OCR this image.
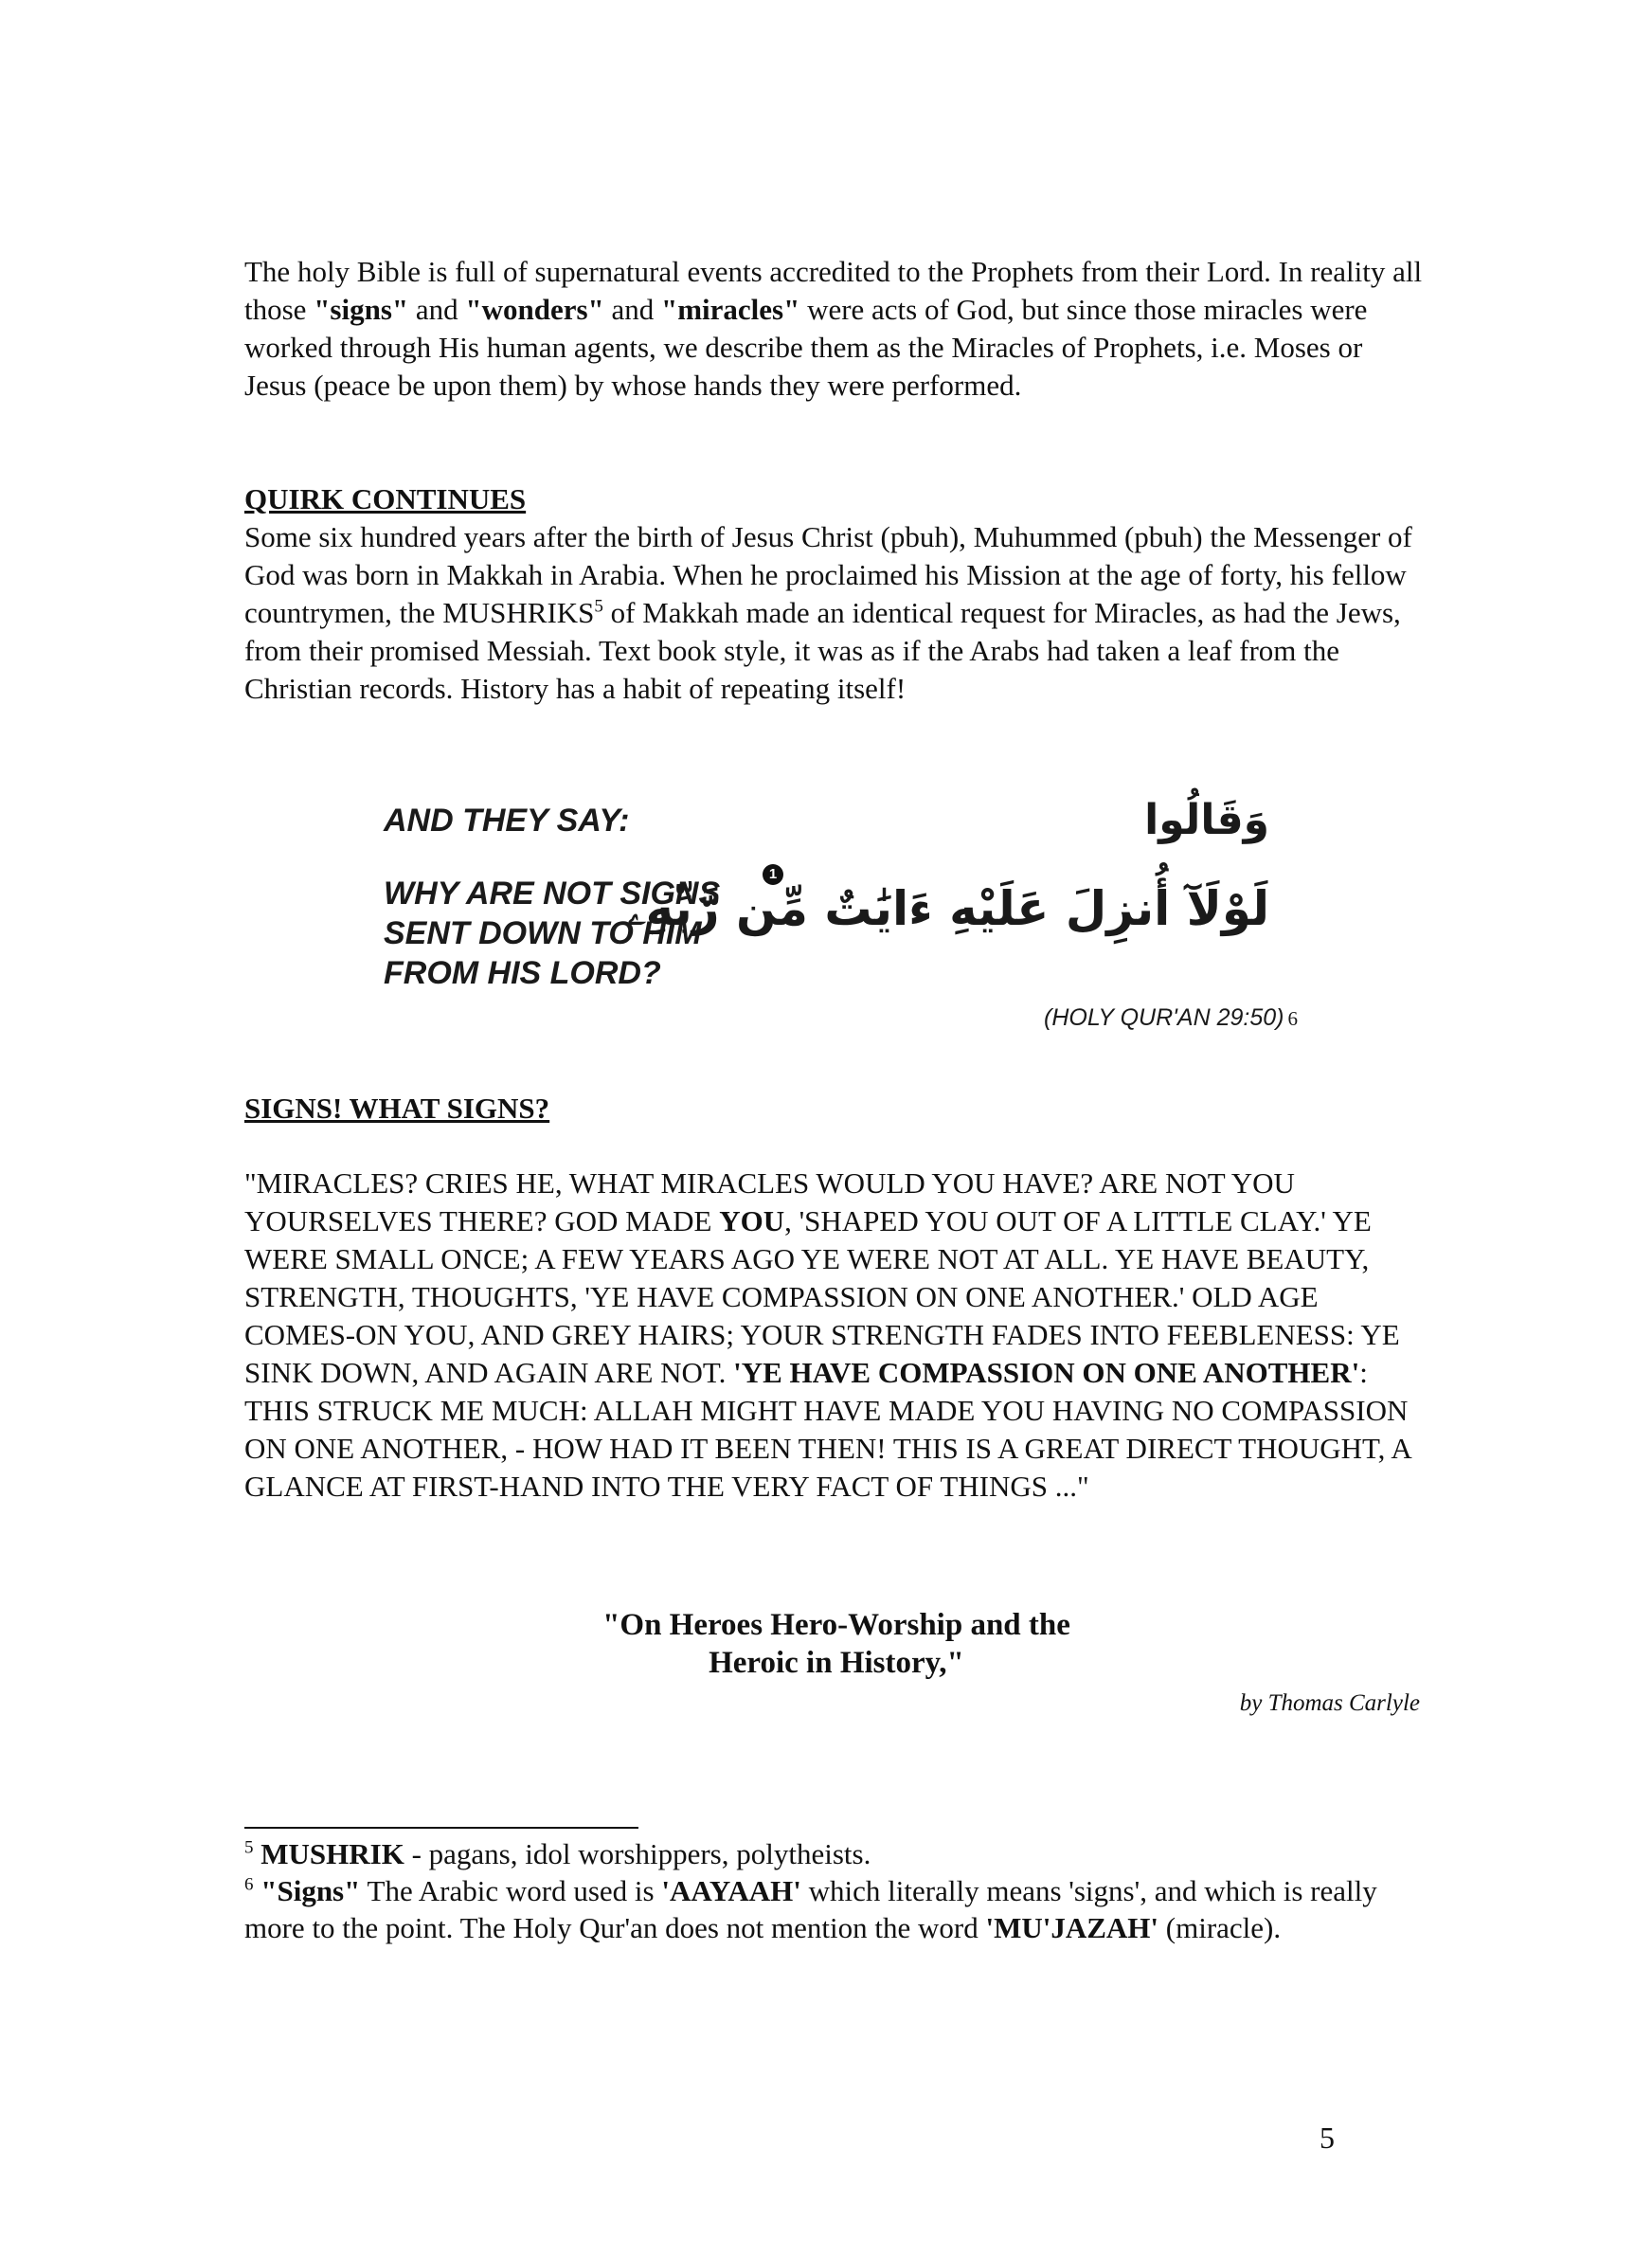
The holy Bible is full of supernatural events accredited to the Prophets from their Lord. In reality all those "signs" and "wonders" and "miracles" were acts of God, but since those miracles were worked through His human agents, we describe them as the Miracles of Prophets, i.e. Moses or Jesus (peace be upon them) by whose hands they were performed.

QUIRK CONTINUES

Some six hundred years after the birth of Jesus Christ (pbuh), Muhummed (pbuh) the Messenger of God was born in Makkah in Arabia. When he proclaimed his Mission at the age of forty, his fellow countrymen, the MUSHRIKS$^5$ of Makkah made an identical request for Miracles, as had the Jews, from their promised Messiah. Text book style, it was as if the Arabs had taken a leaf from the Christian records. History has a habit of repeating itself!

AND THEY SAY:

WHY ARE NOT SIGNS
SENT DOWN TO HIM
FROM HIS LORD?

1

وَقَالُوا

لَوْلَآ أُنزِلَ عَلَيْهِ ءَايَٰتٌ مِّن رَّبِّهِۦ

(HOLY QUR'AN 29:50) 6

SIGNS! WHAT SIGNS?

"MIRACLES? CRIES HE, WHAT MIRACLES WOULD YOU HAVE? ARE NOT YOU YOURSELVES THERE? GOD MADE YOU, 'SHAPED YOU OUT OF A LITTLE CLAY.' YE WERE SMALL ONCE; A FEW YEARS AGO YE WERE NOT AT ALL. YE HAVE BEAUTY, STRENGTH, THOUGHTS, 'YE HAVE COMPASSION ON ONE ANOTHER.' OLD AGE COMES-ON YOU, AND GREY HAIRS; YOUR STRENGTH FADES INTO FEEBLENESS: YE SINK DOWN, AND AGAIN ARE NOT. 'YE HAVE COMPASSION ON ONE ANOTHER': THIS STRUCK ME MUCH: ALLAH MIGHT HAVE MADE YOU HAVING NO COMPASSION ON ONE ANOTHER, - HOW HAD IT BEEN THEN! THIS IS A GREAT DIRECT THOUGHT, A GLANCE AT FIRST-HAND INTO THE VERY FACT OF THINGS ..."

"On Heroes Hero-Worship and the
Heroic in History,"

by Thomas Carlyle

$^5$ MUSHRIK - pagans, idol worshippers, polytheists.

$^6$ "Signs" The Arabic word used is 'AAYAAH' which literally means 'signs', and which is really more to the point. The Holy Qur'an does not mention the word 'MU'JAZAH' (miracle).

5
